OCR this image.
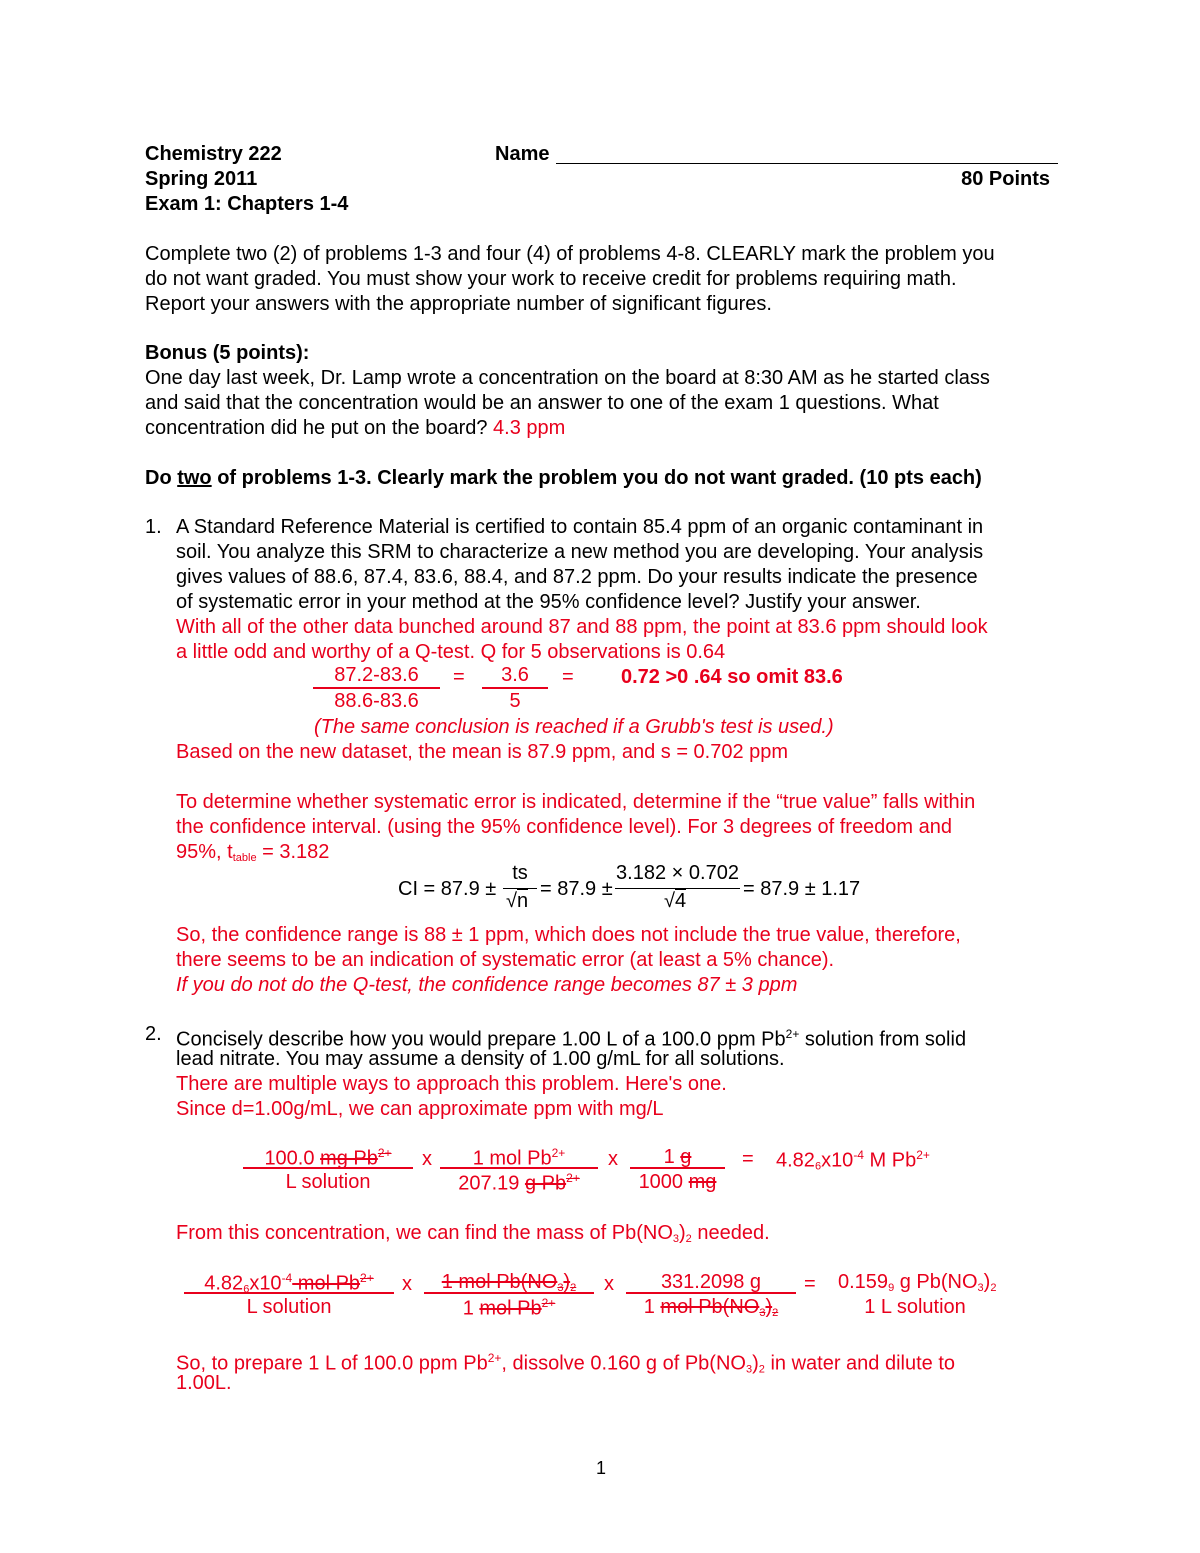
Chemistry 222	Name
Spring 2011	80 Points
Exam 1: Chapters 1-4
Complete two (2) of problems 1-3 and four (4) of problems 4-8. CLEARLY mark the problem you
do not want graded. You must show your work to receive credit for problems requiring math.
Report your answers with the appropriate number of significant figures.
Bonus (5 points):
One day last week, Dr. Lamp wrote a concentration on the board at 8:30 AM as he started class
and said that the concentration would be an answer to one of the exam 1 questions. What
concentration did he put on the board? 4.3 ppm
Do two of problems 1-3. Clearly mark the problem you do not want graded. (10 pts each)
1. A Standard Reference Material is certified to contain 85.4 ppm of an organic contaminant in
soil. You analyze this SRM to characterize a new method you are developing. Your analysis
gives values of 88.6, 87.4, 83.6, 88.4, and 87.2 ppm. Do your results indicate the presence
of systematic error in your method at the 95% confidence level? Justify your answer.
With all of the other data bunched around 87 and 88 ppm, the point at 83.6 ppm should look
a little odd and worthy of a Q-test. Q for 5 observations is 0.64
87.2-83.6
88.6-83.6
=	3.6
5
= 0.72 >0 .64 so omit 83.6
(The same conclusion is reached if a Grubb's test is used.)
Based on the new dataset, the mean is 87.9 ppm, and s = 0.702 ppm
To determine whether systematic error is indicated, determine if the “true value” falls within
the confidence interval. (using the 95% confidence level). For 3 degrees of freedom and
95%, ttable = 3.182
CI = 87.9 ±
ts
√n
= 87.9 ±
3.182 × 0.702
√4
= 87.9 ± 1.17
So, the confidence range is 88 ± 1 ppm, which does not include the true value, therefore,
there seems to be an indication of systematic error (at least a 5% chance).
If you do not do the Q-test, the confidence range becomes 87 ± 3 ppm
2. Concisely describe how you would prepare 1.00 L of a 100.0 ppm $Pb^{2+}$ solution from solid
lead nitrate. You may assume a density of 1.00 g/mL for all solutions.
There are multiple ways to approach this problem. Here's one.
Since d=1.00g/mL, we can approximate ppm with mg/L
100.0 mg $Pb^{2+}$
L solution
x	1 mol $Pb^{2+}$
207.19 g $Pb^{2+}$
x	1 g
1000 mg
= $4.826x10^{-4}$ M $Pb^{2+}$
From this concentration, we can find the mass of Pb(NO3)2 needed.
$4.826x10^{-4}$ mol $Pb^{2+}$
L solution
x	1 mol Pb(NO3)2
1 mol $Pb^{2+}$
x	331.2098 g
1 mol Pb(NO3)2
= 0.1599 g Pb(NO3)2
1 L solution
So, to prepare 1 L of 100.0 ppm $Pb^{2+}$, dissolve 0.160 g of Pb(NO3)2 in water and dilute to
1.00L.
1
